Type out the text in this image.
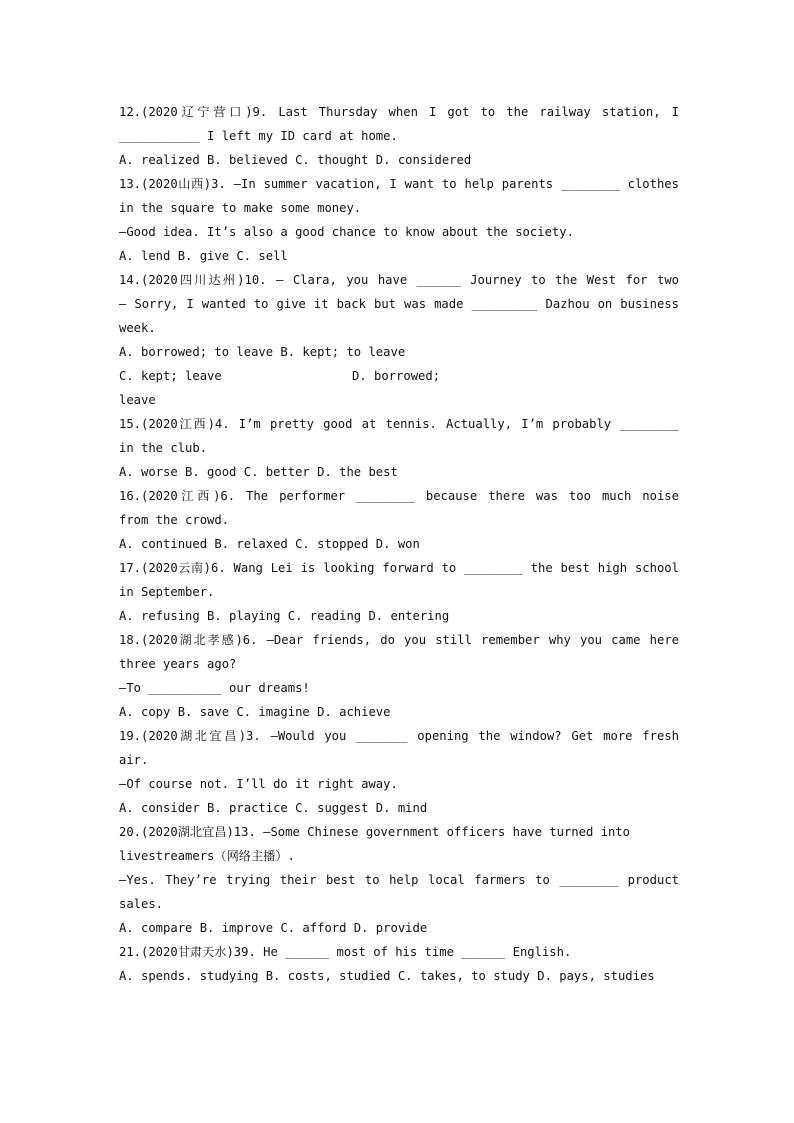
12.(2020辽宁营口)9. Last Thursday when I got to the railway station, I
___________ I left my ID card at home.
A. realized B. believed C. thought D. considered
13.(2020山西)3. —In summer vacation, I want to help parents ________ clothes
in the square to make some money.
—Good idea. It’s also a good chance to know about the society.
A. lend B. give C. sell
14.(2020四川达州)10. — Clara, you have ______ Journey to the West for two
— Sorry, I wanted to give it back but was made _________ Dazhou on business
week.
A. borrowed; to leave B. kept; to leave
C. kept; leave	D. borrowed;
leave
15.(2020江西)4. I’m pretty good at tennis. Actually, I’m probably ________
in the club.
A. worse B. good C. better D. the best
16.(2020江西)6. The performer ________ because there was too much noise
from the crowd.
A. continued B. relaxed C. stopped D. won
17.(2020云南)6. Wang Lei is looking forward to ________ the best high school
in September.
A. refusing B. playing C. reading D. entering
18.(2020湖北孝感)6. —Dear friends, do you still remember why you came here
three years ago?
—To __________ our dreams!
A. copy B. save C. imagine D. achieve
19.(2020湖北宜昌)3. —Would you _______ opening the window? Get more fresh
air.
—Of course not. I’ll do it right away.
A. consider B. practice C. suggest D. mind
20.(2020湖北宜昌)13. —Some Chinese government officers have turned into
livestreamers（网络主播）.
—Yes. They’re trying their best to help local farmers to ________ product
sales.
A. compare B. improve C. afford D. provide
21.(2020甘肃天水)39. He ______ most of his time ______ English.
A. spends. studying B. costs, studied C. takes, to study D. pays, studies
